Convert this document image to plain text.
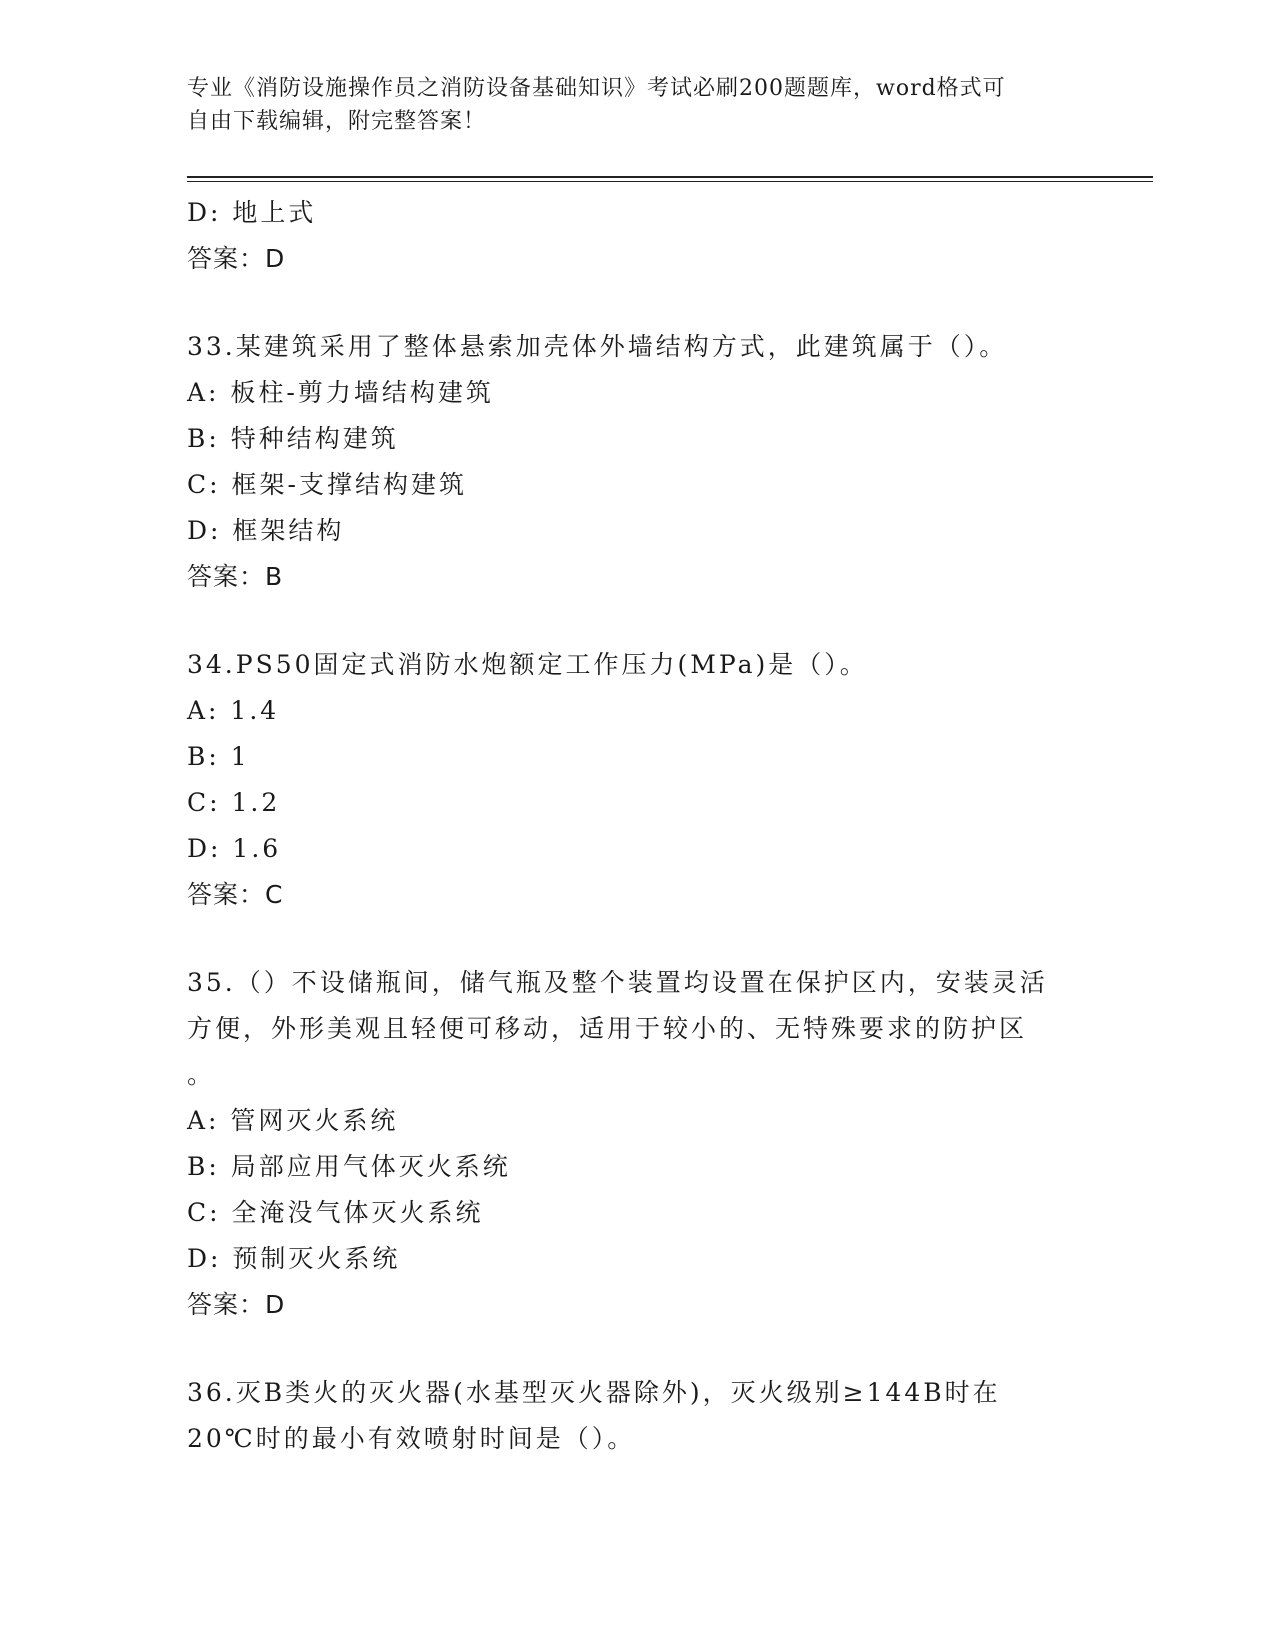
专业《消防设施操作员之消防设备基础知识》考试必刷200题题库，word格式可
自由下载编辑，附完整答案！
D: 地上式
答案：D
33.某建筑采用了整体悬索加壳体外墙结构方式，此建筑属于（）。
A: 板柱-剪力墙结构建筑
B: 特种结构建筑
C: 框架-支撑结构建筑
D: 框架结构
答案：B
34.PS50固定式消防水炮额定工作压力(MPa)是（）。
A: 1.4
B: 1
C: 1.2
D: 1.6
答案：C
35.（）不设储瓶间，储气瓶及整个装置均设置在保护区内，安装灵活
方便，外形美观且轻便可移动，适用于较小的、无特殊要求的防护区
。
A: 管网灭火系统
B: 局部应用气体灭火系统
C: 全淹没气体灭火系统
D: 预制灭火系统
答案：D
36.灭B类火的灭火器(水基型灭火器除外)，灭火级别≥144B时在
20℃时的最小有效喷射时间是（）。
